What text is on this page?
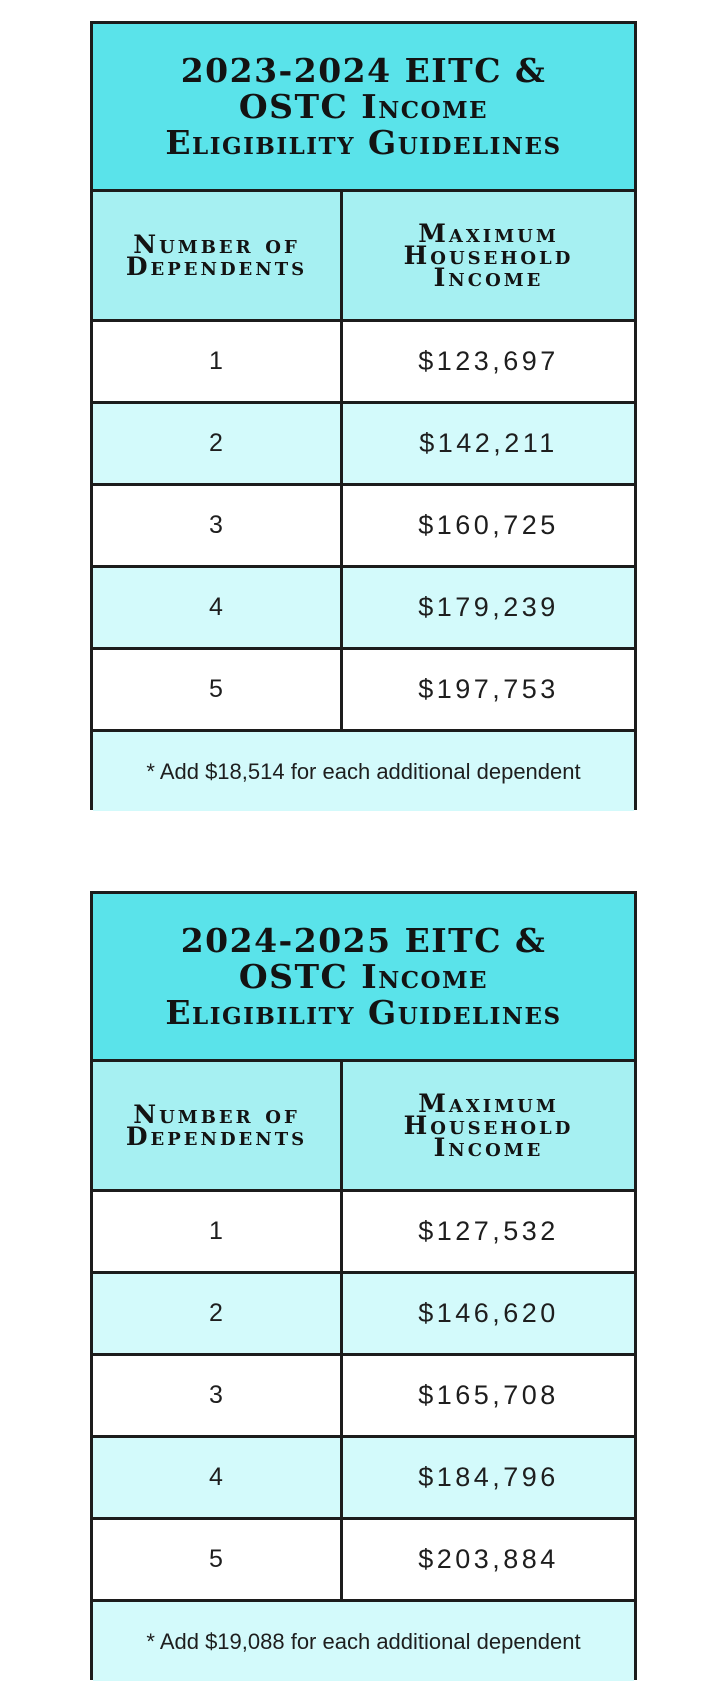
2023-2024 EITC & OSTC Income Eligibility Guidelines

Number of Dependents

Maximum Household Income

1	$123,697
2	$142,211
3	$160,725
4	$179,239
5	$197,753
* Add $18,514 for each additional dependent

2024-2025 EITC & OSTC Income Eligibility Guidelines

Number of Dependents

Maximum Household Income

1	$127,532
2	$146,620
3	$165,708
4	$184,796
5	$203,884
* Add $19,088 for each additional dependent
